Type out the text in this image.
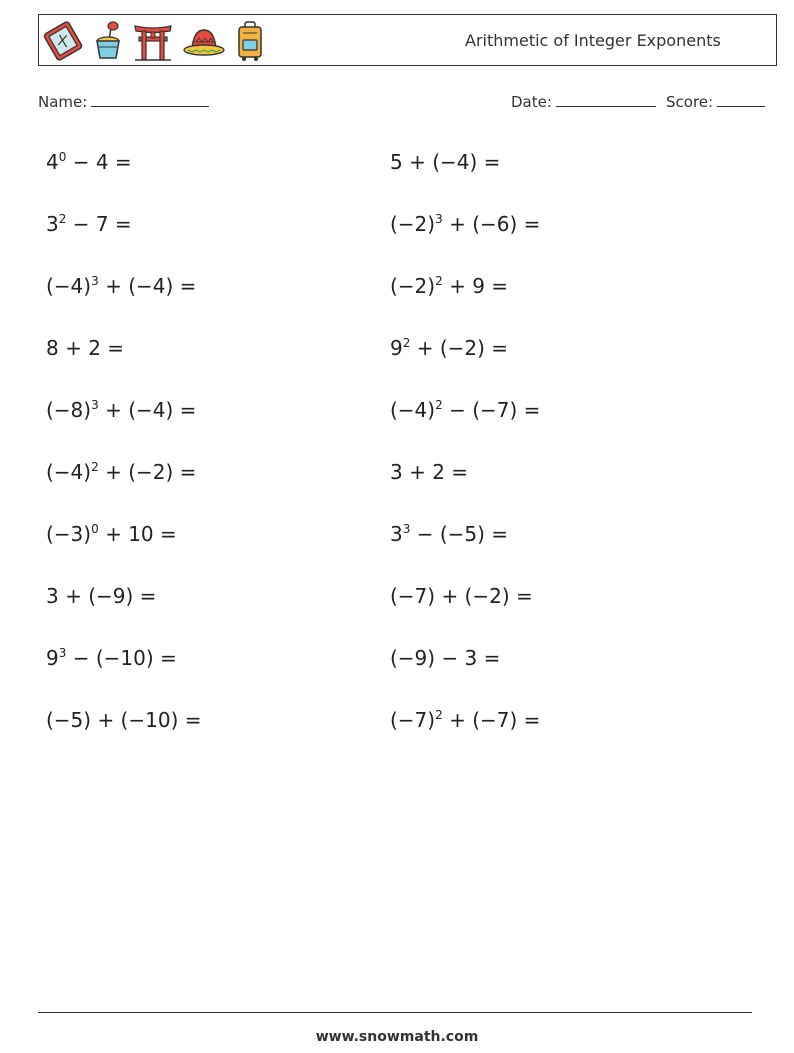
Arithmetic of Integer Exponents
Name:	Date:	Score:
$4^0 - 4$ =	5 + (−4) =
$3^2 - 7$ =	$(-2)^3 + (-6)$ =
$(-4)^3 + (-4)$ =	$(-2)^2 + 9$ =
8 + 2 =	$9^2 + (-2)$ =
$(-8)^3 + (-4)$ =	$(-4)^2 - (-7)$ =
$(-4)^2 + (-2)$ =	3 + 2 =
$(-3)^0 + 10$ =	$3^3 - (-5)$ =
3 + (−9) =	(−7) + (−2) =
$9^3 - (-10)$ =	(−9) − 3 =
(−5) + (−10) =	$(-7)^2 + (-7)$ =
www.snowmath.com
